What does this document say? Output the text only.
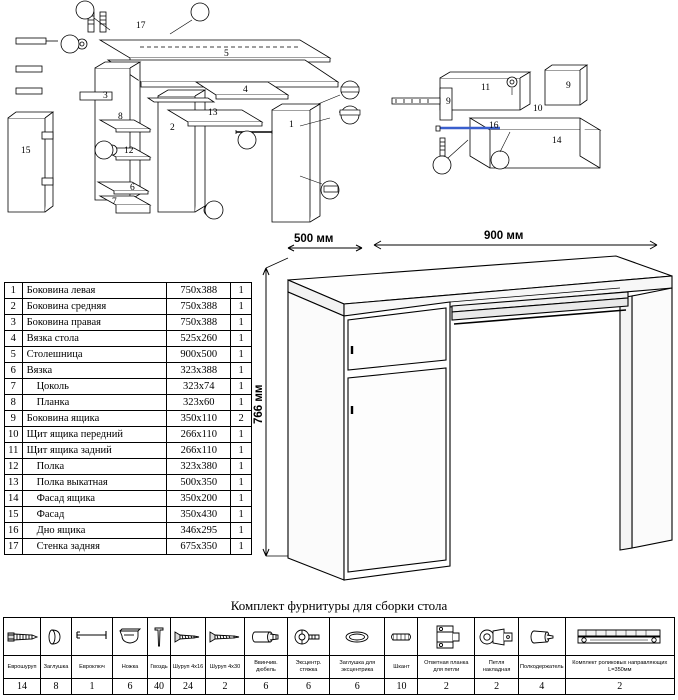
17
5
3
13
4
8
2
12
1
15
6
7
11
9
9
10
16
14
1	Боковина левая	750х388	1
2	Боковина средняя	750х388	1
3	Боковина правая	750х388	1
4	Вязка стола	525х260	1
5	Столешница	900х500	1
6	Вязка	323х388	1
7	Цоколь	323х74	1
8	Планка	323х60	1
9	Боковина ящика	350х110	2
10	Щит ящика передний	266х110	1
11	Щит ящика задний	266х110	1
12	Полка	323х380	1
13	Полка выкатная	500х350	1
14	Фасад ящика	350х200	1
15	Фасад	350х430	1
16	Дно ящика	346х295	1
17	Стенка задняя	675х350	1
500 мм	900 мм
766 мм
Комплект фурнитуры для сборки стола

Еврошуруп	Заглушка	Евроключ	Ножка	Гвоздь	Шуруп 4х16	Шуруп 4х30	Ввинчив. дюбель	Эксцентр. стяжка	Заглушка для эксцентрика	Шкант	Ответная планка для петли	Петля накладная	Полкодержатель	Комплект роликовых направляющих L=350мм
14	8	1	6	40	24	2	6	6	6	10	2	2	4	2
